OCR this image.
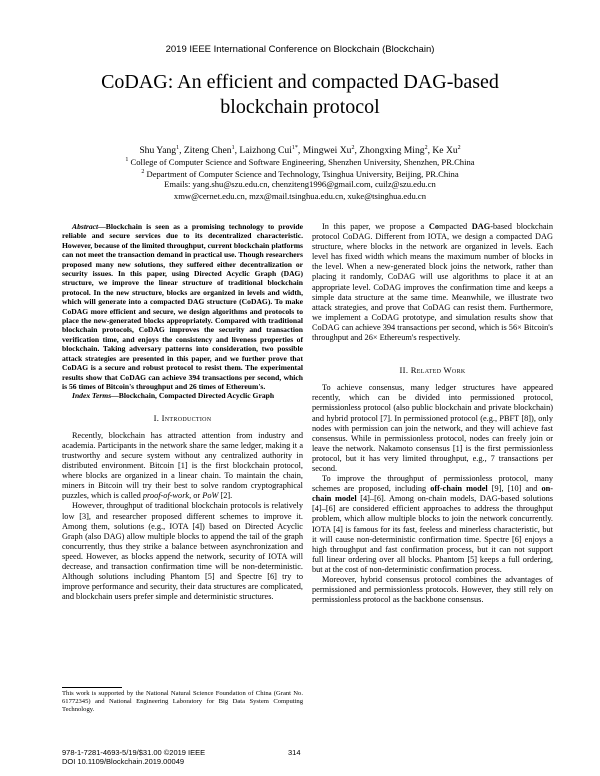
2019 IEEE International Conference on Blockchain (Blockchain)
CoDAG: An efficient and compacted DAG-based
blockchain protocol
Shu Yang$^1$, Ziteng Chen$^1$, Laizhong Cui$^{1*}$, Mingwei Xu$^2$, Zhongxing Ming$^2$, Ke Xu$^2$
$^1$ College of Computer Science and Software Engineering, Shenzhen University, Shenzhen, PR.China
$^2$ Department of Computer Science and Technology, Tsinghua University, Beijing, PR.China
Emails: yang.shu@szu.edu.cn, chenziteng1996@gmail.com, cuilz@szu.edu.cn
xmw@cernet.edu.cn, mzx@mail.tsinghua.edu.cn, xuke@tsinghua.edu.cn

Abstract—Blockchain is seen as a promising technology to provide reliable and secure services due to its decentralized characteristic. However, because of the limited throughput, current blockchain platforms can not meet the transaction demand in practical use. Though researchers proposed many new solutions, they suffered either decentralization or security issues. In this paper, using Directed Acyclic Graph (DAG) structure, we improve the linear structure of traditional blockchain protocol. In the new structure, blocks are organized in levels and width, which will generate into a compacted DAG structure (CoDAG). To make CoDAG more efficient and secure, we design algorithms and protocols to place the new-generated blocks appropriately. Compared with traditional blockchain protocols, CoDAG improves the security and transaction verification time, and enjoys the consistency and liveness properties of blockchain. Taking adversary patterns into consideration, two possible attack strategies are presented in this paper, and we further prove that CoDAG is a secure and robust protocol to resist them. The experimental results show that CoDAG can achieve 394 transactions per second, which is 56 times of Bitcoin's throughput and 26 times of Ethereum's.

Index Terms—Blockchain, Compacted Directed Acyclic Graph

I. Introduction

Recently, blockchain has attracted attention from industry and academia. Participants in the network share the same ledger, making it a trustworthy and secure system without any centralized authority in distributed environment. Bitcoin [1] is the first blockchain protocol, where blocks are organized in a linear chain. To maintain the chain, miners in Bitcoin will try their best to solve random cryptographical puzzles, which is called proof-of-work, or PoW [2].

However, throughput of traditional blockchain protocols is relatively low [3], and researcher proposed different schemes to improve it. Among them, solutions (e.g., IOTA [4]) based on Directed Acyclic Graph (also DAG) allow multiple blocks to append the tail of the graph concurrently, thus they strike a balance between asynchronization and speed. However, as blocks append the network, security of IOTA will decrease, and transaction confirmation time will be non-deterministic. Although solutions including Phantom [5] and Spectre [6] try to improve performance and security, their data structures are complicated, and blockchain users prefer simple and deterministic structures.

This work is supported by the National Natural Science Foundation of China (Grant No. 61772345) and National Engineering Laboratory for Big Data System Computing Technology.

In this paper, we propose a Compacted DAG-based blockchain protocol CoDAG. Different from IOTA, we design a compacted DAG structure, where blocks in the network are organized in levels. Each level has fixed width which means the maximum number of blocks in the level. When a new-generated block joins the network, rather than placing it randomly, CoDAG will use algorithms to place it at an appropriate level. CoDAG improves the confirmation time and keeps a simple data structure at the same time. Meanwhile, we illustrate two attack strategies, and prove that CoDAG can resist them. Furthermore, we implement a CoDAG prototype, and simulation results show that CoDAG can achieve 394 transactions per second, which is 56× Bitcoin's throughput and 26× Ethereum's respectively.

II. Related Work

To achieve consensus, many ledger structures have appeared recently, which can be divided into permissioned protocol, permissionless protocol (also public blockchain and private blockchain) and hybrid protocol [7]. In permissioned protocol (e.g., PBFT [8]), only nodes with permission can join the network, and they will achieve fast consensus. While in permissionless protocol, nodes can freely join or leave the network. Nakamoto consensus [1] is the first permissionless protocol, but it has very limited throughput, e.g., 7 transactions per second.

To improve the throughput of permissionless protocol, many schemes are proposed, including off-chain model [9], [10] and on-chain model [4]–[6]. Among on-chain models, DAG-based solutions [4]–[6] are considered efficient approaches to address the throughput problem, which allow multiple blocks to join the network concurrently. IOTA [4] is famous for its fast, feeless and minerless characteristic, but it will cause non-deterministic confirmation time. Spectre [6] enjoys a high throughput and fast confirmation process, but it can not support full linear ordering over all blocks. Phantom [5] keeps a full ordering, but at the cost of non-deterministic confirmation process.

Moreover, hybrid consensus protocol combines the advantages of permissioned and permissionless protocols. However, they still rely on permissionless protocol as the backbone consensus.

978-1-7281-4693-5/19/$31.00 ©2019 IEEE
DOI 10.1109/Blockchain.2019.00049
314
